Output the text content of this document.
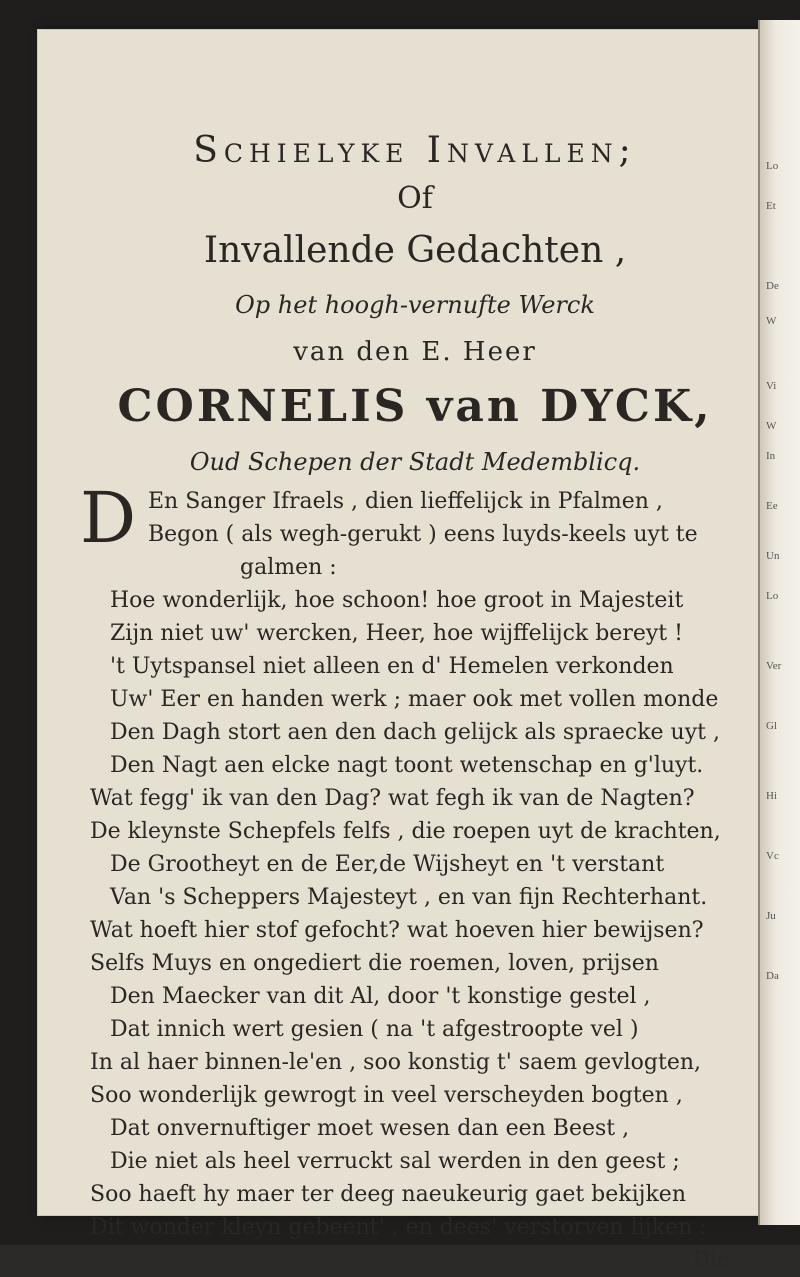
Lo
Et
De
W
Vi
W
In
Ee
Un
Lo
Ver
Gl
Hi
Vc
Ju
Da
Schielyke Invallen;
Of
Invallende Gedachten ,
Op het hoogh-vernufte Werck
van den E. Heer
CORNELIS van DYCK,
Oud Schepen der Stadt Medemblicq.
D En Sanger Ifraels , dien lieffelijck in Pfalmen ,
Begon ( als wegh-gerukt ) eens luyds-keels uyt te
galmen :
Hoe wonderlijk, hoe schoon! hoe groot in Majesteit
Zijn niet uw' wercken, Heer, hoe wijffelijck bereyt !
't Uytspansel niet alleen en d' Hemelen verkonden
Uw' Eer en handen werk ; maer ook met vollen monde
Den Dagh stort aen den dach gelijck als spraecke uyt ,
Den Nagt aen elcke nagt toont wetenschap en g'luyt.
Wat fegg' ik van den Dag? wat fegh ik van de Nagten?
De kleynste Schepfels felfs , die roepen uyt de krachten,
De Grootheyt en de Eer,de Wijsheyt en 't verstant
Van 's Scheppers Majesteyt , en van fijn Rechterhant.
Wat hoeft hier stof gefocht? wat hoeven hier bewijsen?
Selfs Muys en ongediert die roemen, loven, prijsen
Den Maecker van dit Al, door 't konstige gestel ,
Dat innich wert gesien ( na 't afgestroopte vel )
In al haer binnen-le'en , soo konstig t' saem gevlogten,
Soo wonderlijk gewrogt in veel verscheyden bogten ,
Dat onvernuftiger moet wesen dan een Beest ,
Die niet als heel verruckt sal werden in den geest ;
Soo haeft hy maer ter deeg naeukeurig gaet bekijken
Dit wonder kleyn gebeent' , en dees' verstorven lijken :
Die
